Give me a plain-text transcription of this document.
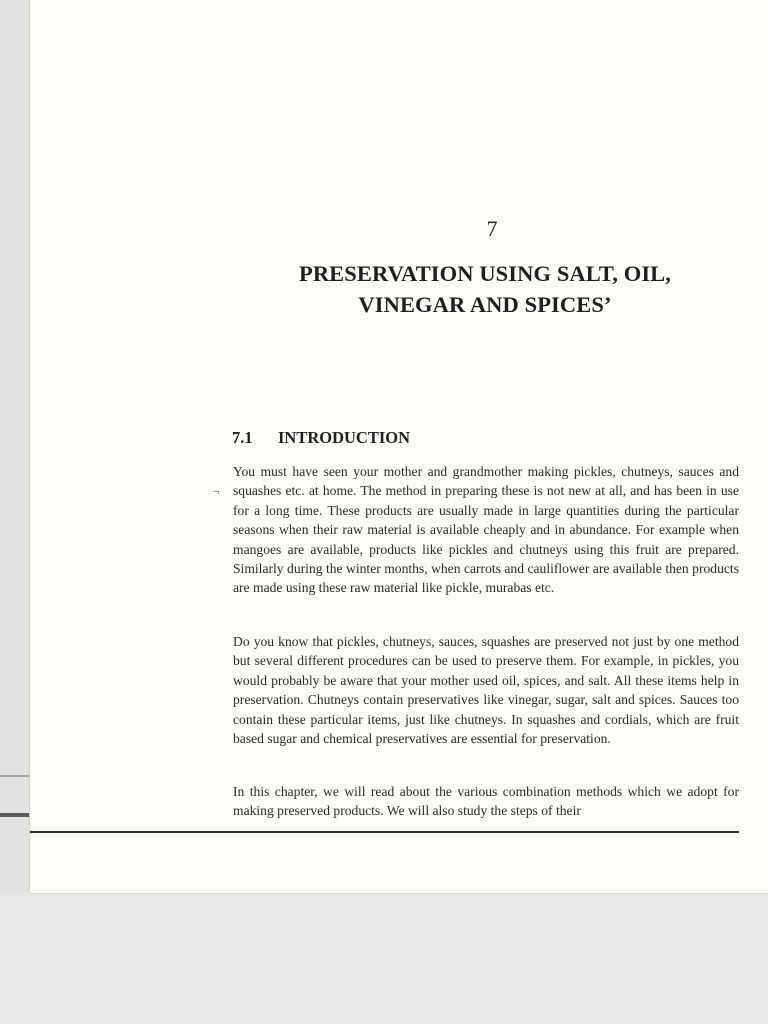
7
PRESERVATION USING SALT, OIL, VINEGAR AND SPICES’
7.1 INTRODUCTION
¬

You must have seen your mother and grandmother making pickles, chutneys, sauces and squashes etc. at home. The method in preparing these is not new at all, and has been in use for a long time. These products are usually made in large quantities during the particular seasons when their raw material is available cheaply and in abundance. For example when mangoes are available, products like pickles and chutneys using this fruit are prepared. Similarly during the winter months, when carrots and cauliflower are available then products are made using these raw material like pickle, murabas etc.

Do you know that pickles, chutneys, sauces, squashes are preserved not just by one method but several different procedures can be used to preserve them. For example, in pickles, you would probably be aware that your mother used oil, spices, and salt. All these items help in preservation. Chutneys contain preservatives like vinegar, sugar, salt and spices. Sauces too contain these particular items, just like chutneys. In squashes and cordials, which are fruit based sugar and chemical preservatives are essential for preservation.

In this chapter, we will read about the various combination methods which we adopt for making preserved products. We will also study the steps of their
